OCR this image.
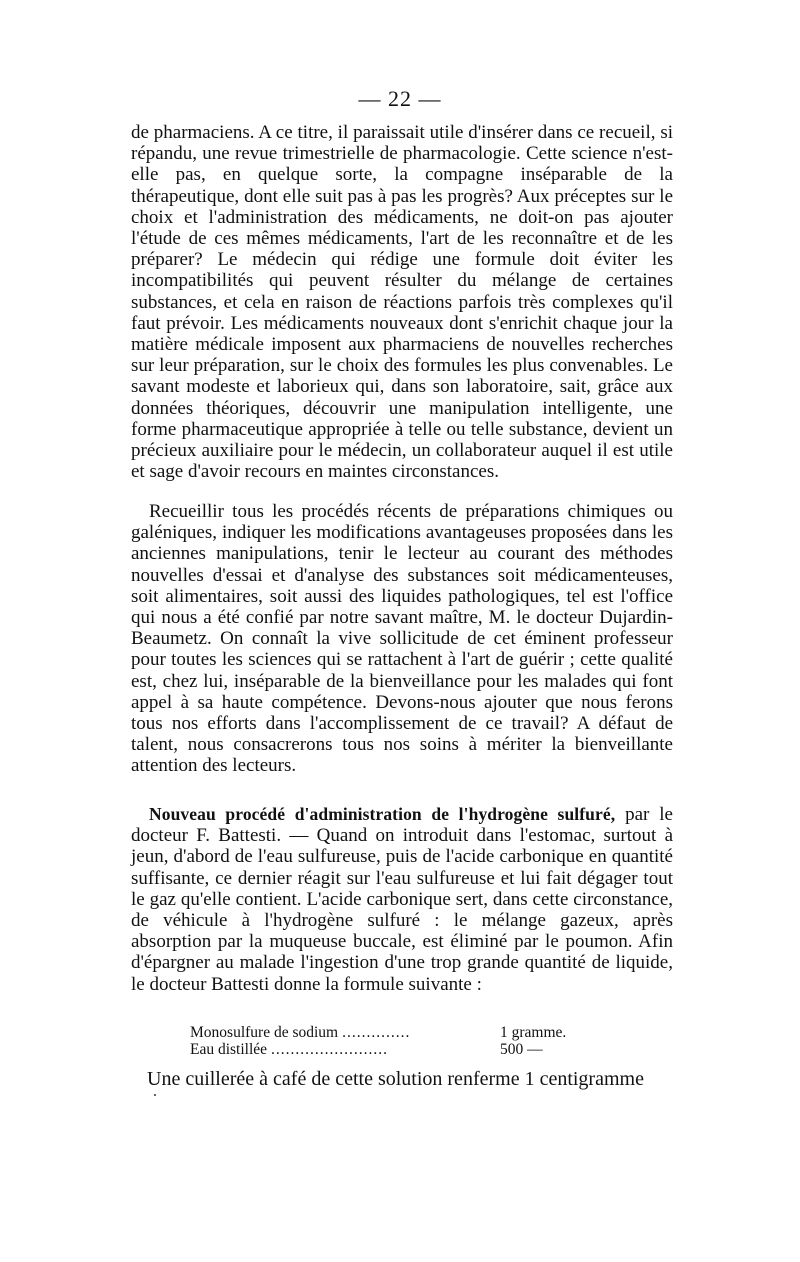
— 22 —
de pharmaciens. A ce titre, il paraissait utile d'insérer dans ce recueil, si répandu, une revue trimestrielle de pharmacologie. Cette science n'est-elle pas, en quelque sorte, la compagne inséparable de la thérapeutique, dont elle suit pas à pas les progrès? Aux préceptes sur le choix et l'administration des médicaments, ne doit-on pas ajouter l'étude de ces mêmes médicaments, l'art de les reconnaître et de les préparer? Le médecin qui rédige une formule doit éviter les incompatibilités qui peuvent résulter du mélange de certaines substances, et cela en raison de réactions parfois très complexes qu'il faut prévoir. Les médicaments nouveaux dont s'enrichit chaque jour la matière médicale imposent aux pharmaciens de nouvelles recherches sur leur préparation, sur le choix des formules les plus convenables. Le savant modeste et laborieux qui, dans son laboratoire, sait, grâce aux données théoriques, découvrir une manipulation intelligente, une forme pharmaceutique appropriée à telle ou telle substance, devient un précieux auxiliaire pour le médecin, un collaborateur auquel il est utile et sage d'avoir recours en maintes circonstances.
Recueillir tous les procédés récents de préparations chimiques ou galéniques, indiquer les modifications avantageuses proposées dans les anciennes manipulations, tenir le lecteur au courant des méthodes nouvelles d'essai et d'analyse des substances soit médicamenteuses, soit alimentaires, soit aussi des liquides pathologiques, tel est l'office qui nous a été confié par notre savant maître, M. le docteur Dujardin-Beaumetz. On connaît la vive sollicitude de cet éminent professeur pour toutes les sciences qui se rattachent à l'art de guérir ; cette qualité est, chez lui, inséparable de la bienveillance pour les malades qui font appel à sa haute compétence. Devons-nous ajouter que nous ferons tous nos efforts dans l'accomplissement de ce travail? A défaut de talent, nous consacrerons tous nos soins à mériter la bienveillante attention des lecteurs.
Nouveau procédé d'administration de l'hydrogène sulfuré, par le docteur F. Battesti. — Quand on introduit dans l'estomac, surtout à jeun, d'abord de l'eau sulfureuse, puis de l'acide carbonique en quantité suffisante, ce dernier réagit sur l'eau sulfureuse et lui fait dégager tout le gaz qu'elle contient. L'acide carbonique sert, dans cette circonstance, de véhicule à l'hydrogène sulfuré : le mélange gazeux, après absorption par la muqueuse buccale, est éliminé par le poumon. Afin d'épargner au malade l'ingestion d'une trop grande quantité de liquide, le docteur Battesti donne la formule suivante :
Monosulfure de sodium ..............	1 gramme.
Eau distillée ........................	500 —
Une cuillerée à café de cette solution renferme 1 centigramme
